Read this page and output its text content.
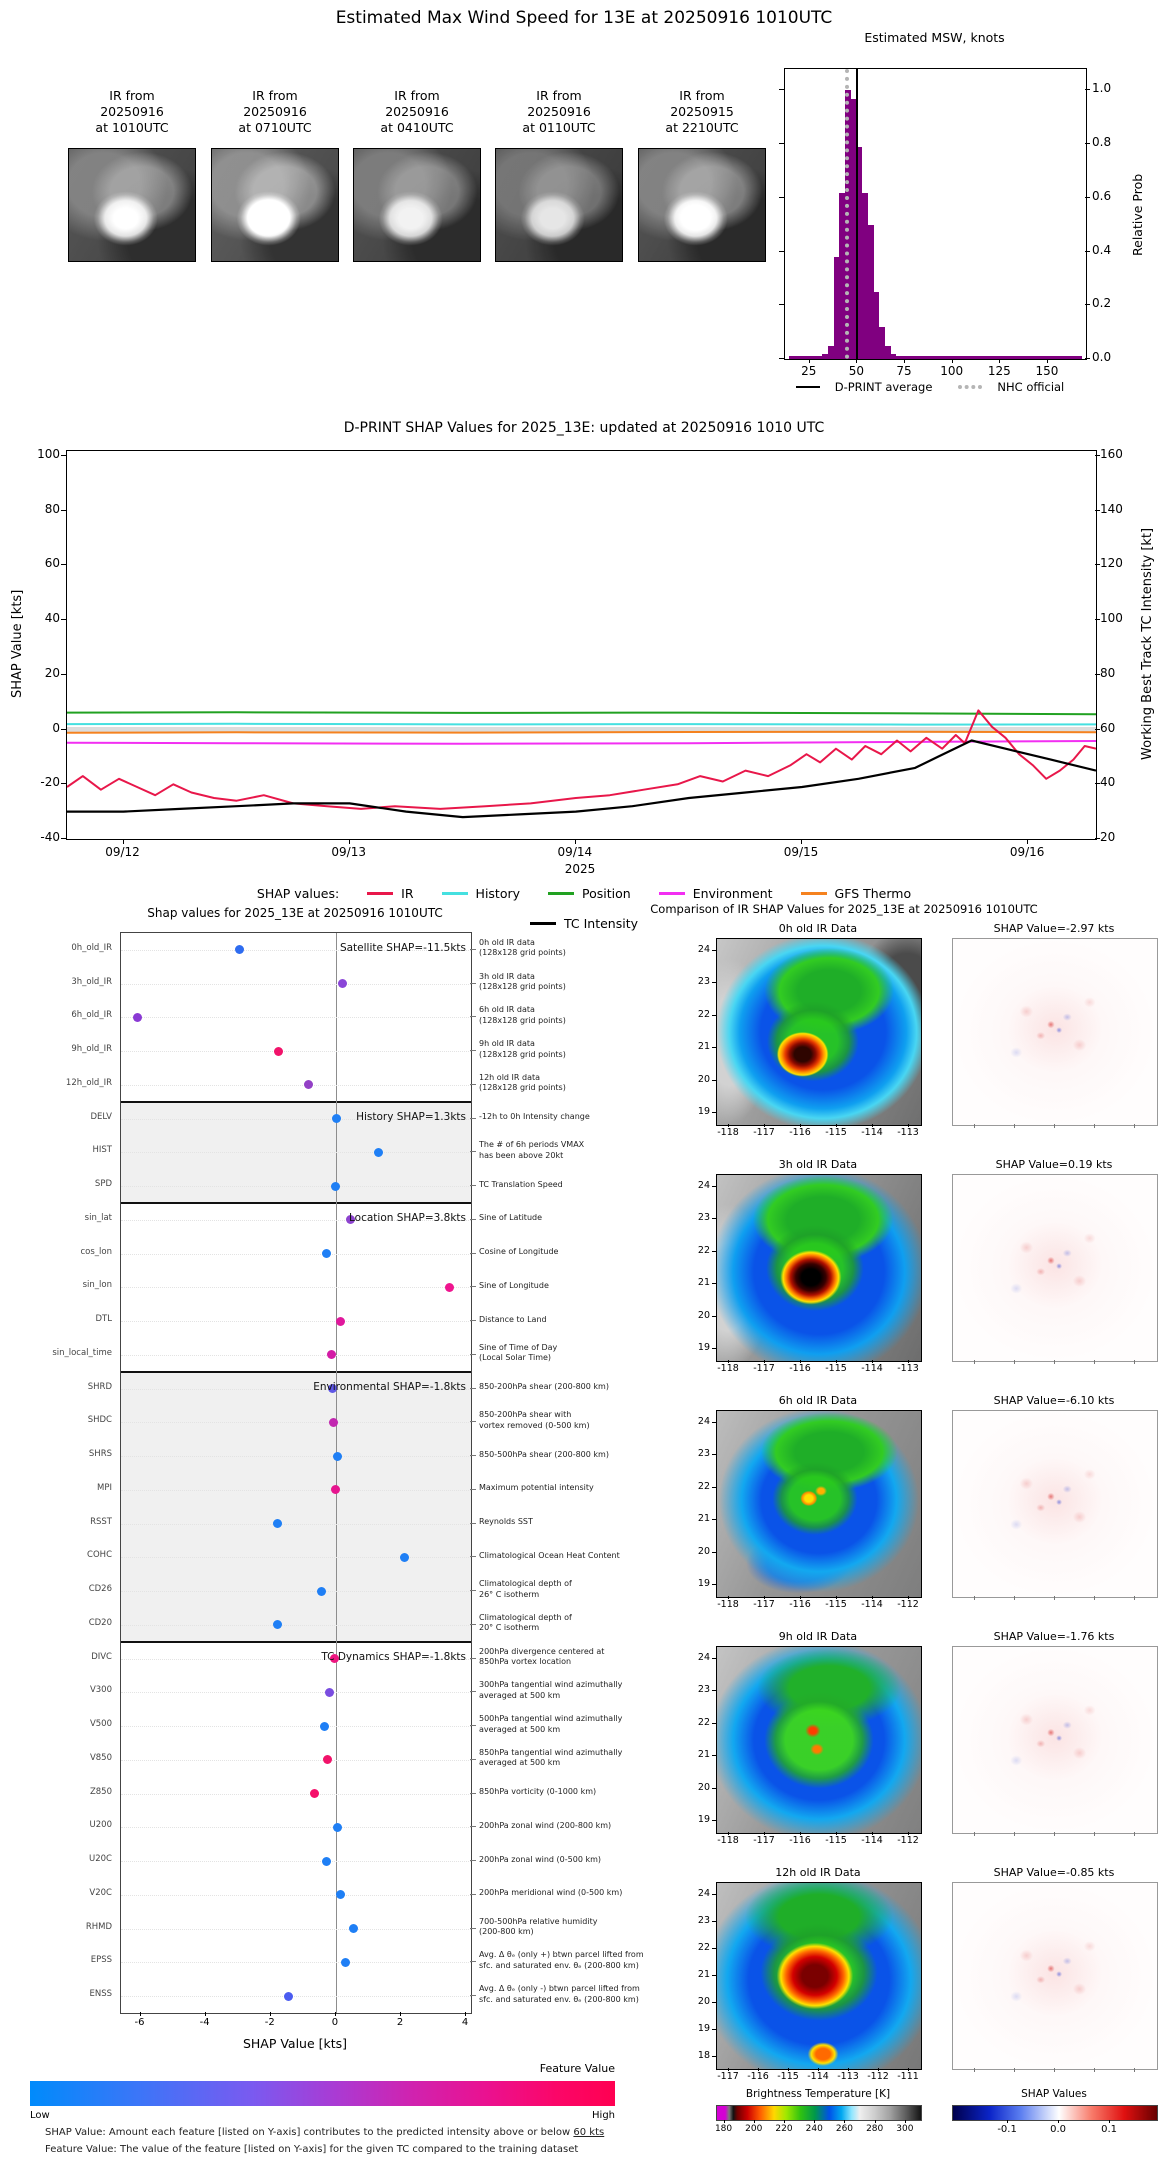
Estimated Max Wind Speed for 13E at 20250916 1010UTC
IR from
20250916
at 1010UTC
IR from
20250916
at 0710UTC
IR from
20250916
at 0410UTC
IR from
20250916
at 0110UTC
IR from
20250915
at 2210UTC
Estimated MSW, knots
Relative Prob
D-PRINT average	NHC official
D-PRINT SHAP Values for 2025_13E: updated at 20250916 1010 UTC
SHAP Value [kts]	Working Best Track TC Intensity [kt]
2025
SHAP values:	IR	History	Position	Environment	GFS Thermo
TC Intensity
Shap values for 2025_13E at 20250916 1010UTC
SHAP Value [kts]
Feature Value
Low	High
SHAP Value: Amount each feature [listed on Y-axis] contributes to the predicted intensity above or below 60 kts
Feature Value: The value of the feature [listed on Y-axis] for the given TC compared to the training dataset
Comparison of IR SHAP Values for 2025_13E at 20250916 1010UTC
Brightness Temperature [K]	SHAP Values
25	50	75	100	125	150
0.0
0.2
0.4
0.6
0.8
1.0
100	160
80	140
60	120
40	100
20	80
0	60
-20	40
-40	20
09/12	09/13	09/14	09/15	09/16
0h_old_IR
0h old IR data
(128x128 grid points)
3h_old_IR
3h old IR data
(128x128 grid points)
6h_old_IR
6h old IR data
(128x128 grid points)
9h_old_IR
9h old IR data
(128x128 grid points)
12h_old_IR
12h old IR data
(128x128 grid points)
DELV	-12h to 0h Intensity change
HIST
The # of 6h periods VMAX
has been above 20kt
SPD	TC Translation Speed
sin_lat	Sine of Latitude
cos_lon	Cosine of Longitude
sin_lon	Sine of Longitude
DTL	Distance to Land
sin_local_time
Sine of Time of Day
(Local Solar Time)
SHRD	850-200hPa shear (200-800 km)
SHDC
850-200hPa shear with
vortex removed (0-500 km)
SHRS	850-500hPa shear (200-800 km)
MPI	Maximum potential intensity
RSST	Reynolds SST
COHC	Climatological Ocean Heat Content
CD26
Climatological depth of
26° C isotherm
CD20
Climatological depth of
20° C isotherm
DIVC
200hPa divergence centered at
850hPa vortex location
V300
300hPa tangential wind azimuthally
averaged at 500 km
V500
500hPa tangential wind azimuthally
averaged at 500 km
V850
850hPa tangential wind azimuthally
averaged at 500 km
Z850	850hPa vorticity (0-1000 km)
U200	200hPa zonal wind (200-800 km)
U20C	200hPa zonal wind (0-500 km)
V20C	200hPa meridional wind (0-500 km)
RHMD
700-500hPa relative humidity
(200-800 km)
EPSS
Avg. Δ θₑ (only +) btwn parcel lifted from
sfc. and saturated env. θₑ (200-800 km)
ENSS
Avg. Δ θₑ (only -) btwn parcel lifted from
sfc. and saturated env. θₑ (200-800 km)
Satellite SHAP=-11.5kts
History SHAP=1.3kts
Location SHAP=3.8kts
Environmental SHAP=-1.8kts
TC Dynamics SHAP=-1.8kts
-6	-4	-2	0	2	4
0h old IR Data	SHAP Value=-2.97 kts
24
23
22
21
20
19
-118	-117	-116	-115	-114	-113
3h old IR Data	SHAP Value=0.19 kts
24
23
22
21
20
19
-118	-117	-116	-115	-114	-113
6h old IR Data	SHAP Value=-6.10 kts
24
23
22
21
20
19
-118	-117	-116	-115	-114	-112
9h old IR Data	SHAP Value=-1.76 kts
24
23
22
21
20
19
-118	-117	-116	-115	-114	-112
12h old IR Data	SHAP Value=-0.85 kts
24
23
22
21
20
19
18
-117 -116 -115 -114 -113 -112 -111
180	200	220	240	260	280	300	-0.1	0.0	0.1
